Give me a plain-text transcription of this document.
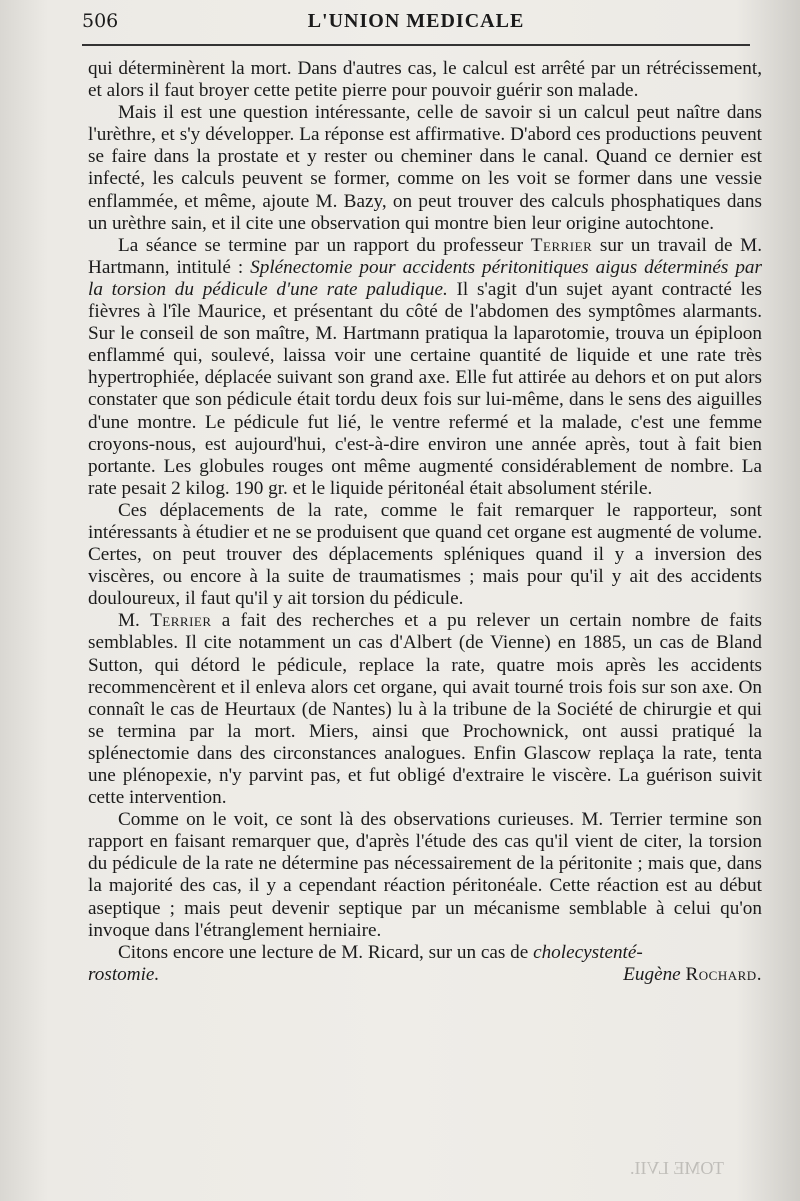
506	L'UNION MEDICALE

qui déterminèrent la mort. Dans d'autres cas, le calcul est arrêté par un rétrécissement, et alors il faut broyer cette petite pierre pour pouvoir guérir son malade.

Mais il est une question intéressante, celle de savoir si un calcul peut naître dans l'urèthre, et s'y développer. La réponse est affirmative. D'abord ces productions peuvent se faire dans la prostate et y rester ou cheminer dans le canal. Quand ce dernier est infecté, les calculs peuvent se former, comme on les voit se former dans une vessie enflammée, et même, ajoute M. Bazy, on peut trouver des calculs phosphatiques dans un urèthre sain, et il cite une observation qui montre bien leur origine autochtone.

La séance se termine par un rapport du professeur Terrier sur un travail de M. Hartmann, intitulé : Splénectomie pour accidents péritonitiques aigus déterminés par la torsion du pédicule d'une rate paludique. Il s'agit d'un sujet ayant contracté les fièvres à l'île Maurice, et présentant du côté de l'abdomen des symptômes alarmants. Sur le conseil de son maître, M. Hartmann pratiqua la laparotomie, trouva un épiploon enflammé qui, soulevé, laissa voir une certaine quantité de liquide et une rate très hypertrophiée, déplacée suivant son grand axe. Elle fut attirée au dehors et on put alors constater que son pédicule était tordu deux fois sur lui-même, dans le sens des aiguilles d'une montre. Le pédicule fut lié, le ventre refermé et la malade, c'est une femme croyons-nous, est aujourd'hui, c'est-à-dire environ une année après, tout à fait bien portante. Les globules rouges ont même augmenté considérablement de nombre. La rate pesait 2 kilog. 190 gr. et le liquide péritonéal était absolument stérile.

Ces déplacements de la rate, comme le fait remarquer le rapporteur, sont intéressants à étudier et ne se produisent que quand cet organe est augmenté de volume. Certes, on peut trouver des déplacements spléniques quand il y a inversion des viscères, ou encore à la suite de traumatismes ; mais pour qu'il y ait des accidents douloureux, il faut qu'il y ait torsion du pédicule.

M. Terrier a fait des recherches et a pu relever un certain nombre de faits semblables. Il cite notamment un cas d'Albert (de Vienne) en 1885, un cas de Bland Sutton, qui détord le pédicule, replace la rate, quatre mois après les accidents recommencèrent et il enleva alors cet organe, qui avait tourné trois fois sur son axe. On connaît le cas de Heurtaux (de Nantes) lu à la tribune de la Société de chirurgie et qui se termina par la mort. Miers, ainsi que Prochownick, ont aussi pratiqué la splénectomie dans des circonstances analogues. Enfin Glascow replaça la rate, tenta une plénopexie, n'y parvint pas, et fut obligé d'extraire le viscère. La guérison suivit cette intervention.

Comme on le voit, ce sont là des observations curieuses. M. Terrier termine son rapport en faisant remarquer que, d'après l'étude des cas qu'il vient de citer, la torsion du pédicule de la rate ne détermine pas nécessairement de la péritonite ; mais que, dans la majorité des cas, il y a cependant réaction péritonéale. Cette réaction est au début aseptique ; mais peut devenir septique par un mécanisme semblable à celui qu'on invoque dans l'étranglement herniaire.

Citons encore une lecture de M. Ricard, sur un cas de cholecystenté-

rostomie.	Eugène Rochard.
TOME LVII.
